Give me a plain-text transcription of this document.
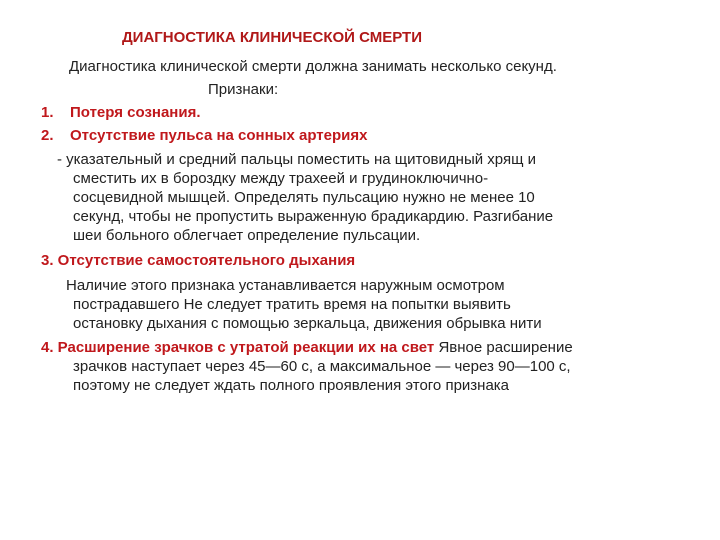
ДИАГНОСТИКА КЛИНИЧЕСКОЙ СМЕРТИ
Диагностика клинической смерти должна занимать несколько секунд.
Признаки:
1. Потеря сознания.
2. Отсутствие пульса на сонных артериях
- указательный и средний пальцы поместить на щитовидный хрящ и
сместить их в бороздку между трахеей и грудиноключично-
сосцевидной мышцей. Определять пульсацию нужно не менее 10
секунд, чтобы не пропустить выраженную брадикардию. Разгибание
шеи больного облегчает определение пульсации.
3. Отсутствие самостоятельного дыхания
Наличие этого признака устанавливается наружным осмотром
пострадавшего Не следует тратить время на попытки выявить
остановку дыхания с помощью зеркальца, движения обрывка нити
4. Расширение зрачков с утратой реакции их на свет Явное расширение
зрачков наступает через 45—60 с, а максимальное — через 90—100 с,
поэтому не следует ждать полного проявления этого признака
